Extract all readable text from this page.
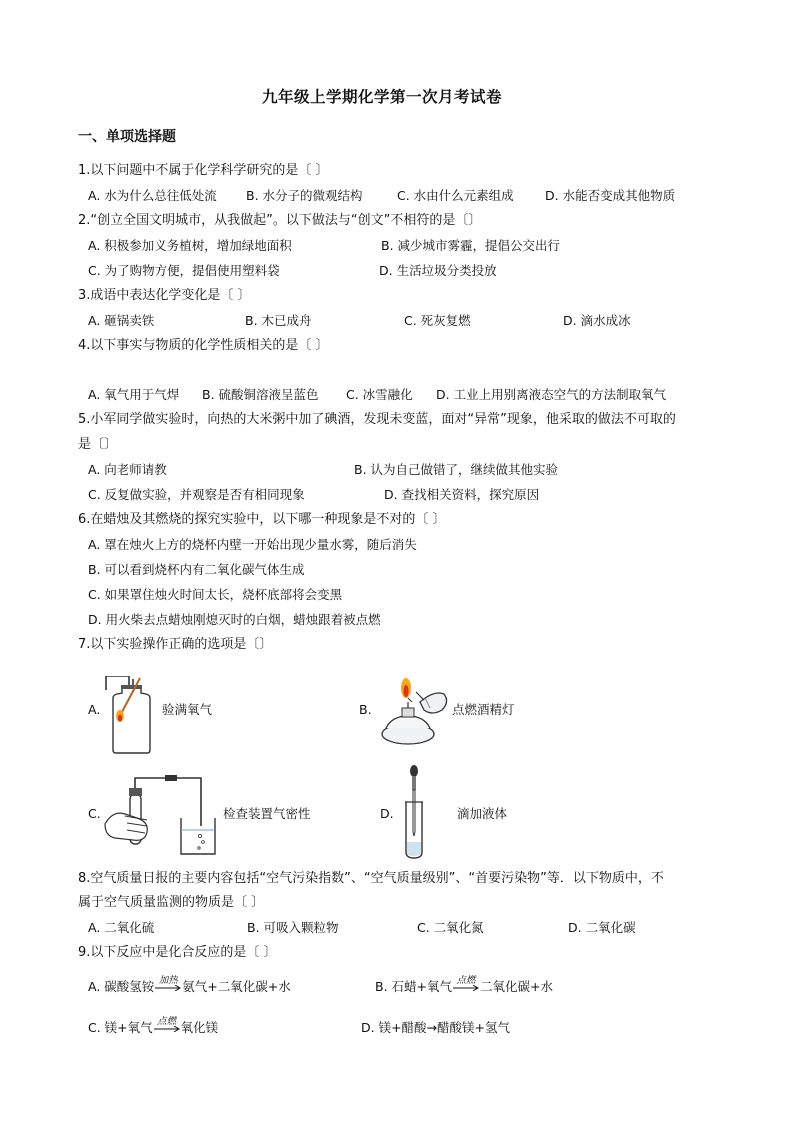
九年级上学期化学第一次月考试卷
一、单项选择题
1.以下问题中不属于化学科学研究的是〔 〕
A. 水为什么总往低处流 B. 水分子的微观结构	C. 水由什么元素组成	D. 水能否变成其他物质
2.“创立全国文明城市，从我做起”。以下做法与“创文”不相符的是〔〕
A. 积极参加义务植树，增加绿地面积	B. 减少城市雾霾，提倡公交出行
C. 为了购物方便，提倡使用塑料袋	D. 生活垃圾分类投放
3.成语中表达化学变化是〔 〕
A. 砸锅卖铁	B. 木已成舟	C. 死灰复燃	D. 滴水成冰
4.以下事实与物质的化学性质相关的是〔 〕
A. 氧气用于气焊 B. 硫酸铜溶液呈蓝色 C. 冰雪融化 D. 工业上用别离液态空气的方法制取氧气
5.小军同学做实验时，向热的大米粥中加了碘酒，发现未变蓝，面对“异常”现象，他采取的做法不可取的
是〔〕
A. 向老师请教	B. 认为自己做错了，继续做其他实验
C. 反复做实验，并观察是否有相同现象	D. 查找相关资料，探究原因
6.在蜡烛及其燃烧的探究实验中，以下哪一种现象是不对的〔 〕
A. 罩在烛火上方的烧杯内壁一开始出现少量水雾，随后消失
B. 可以看到烧杯内有二氧化碳气体生成
C. 如果罩住烛火时间太长，烧杯底部将会变黑
D. 用火柴去点蜡烛刚熄灭时的白烟，蜡烛跟着被点燃
7.以下实验操作正确的选项是〔〕
A.	验满氧气	B.	点燃酒精灯
C.	检查装置气密性	D.	滴加液体
8.空气质量日报的主要内容包括“空气污染指数”、“空气质量级别”、“首要污染物”等．以下物质中，不
属于空气质量监测的物质是〔 〕
A. 二氧化硫	B. 可吸入颗粒物	C. 二氧化氮	D. 二氧化碳
9.以下反应中是化合反应的是〔 〕
A. 碳酸氢铵 加热 氨气+二氧化碳+水	B. 石蜡+氧气 点燃 二氧化碳+水
C. 镁+氧气 点燃 氧化镁	D. 镁+醋酸→醋酸镁+氢气
